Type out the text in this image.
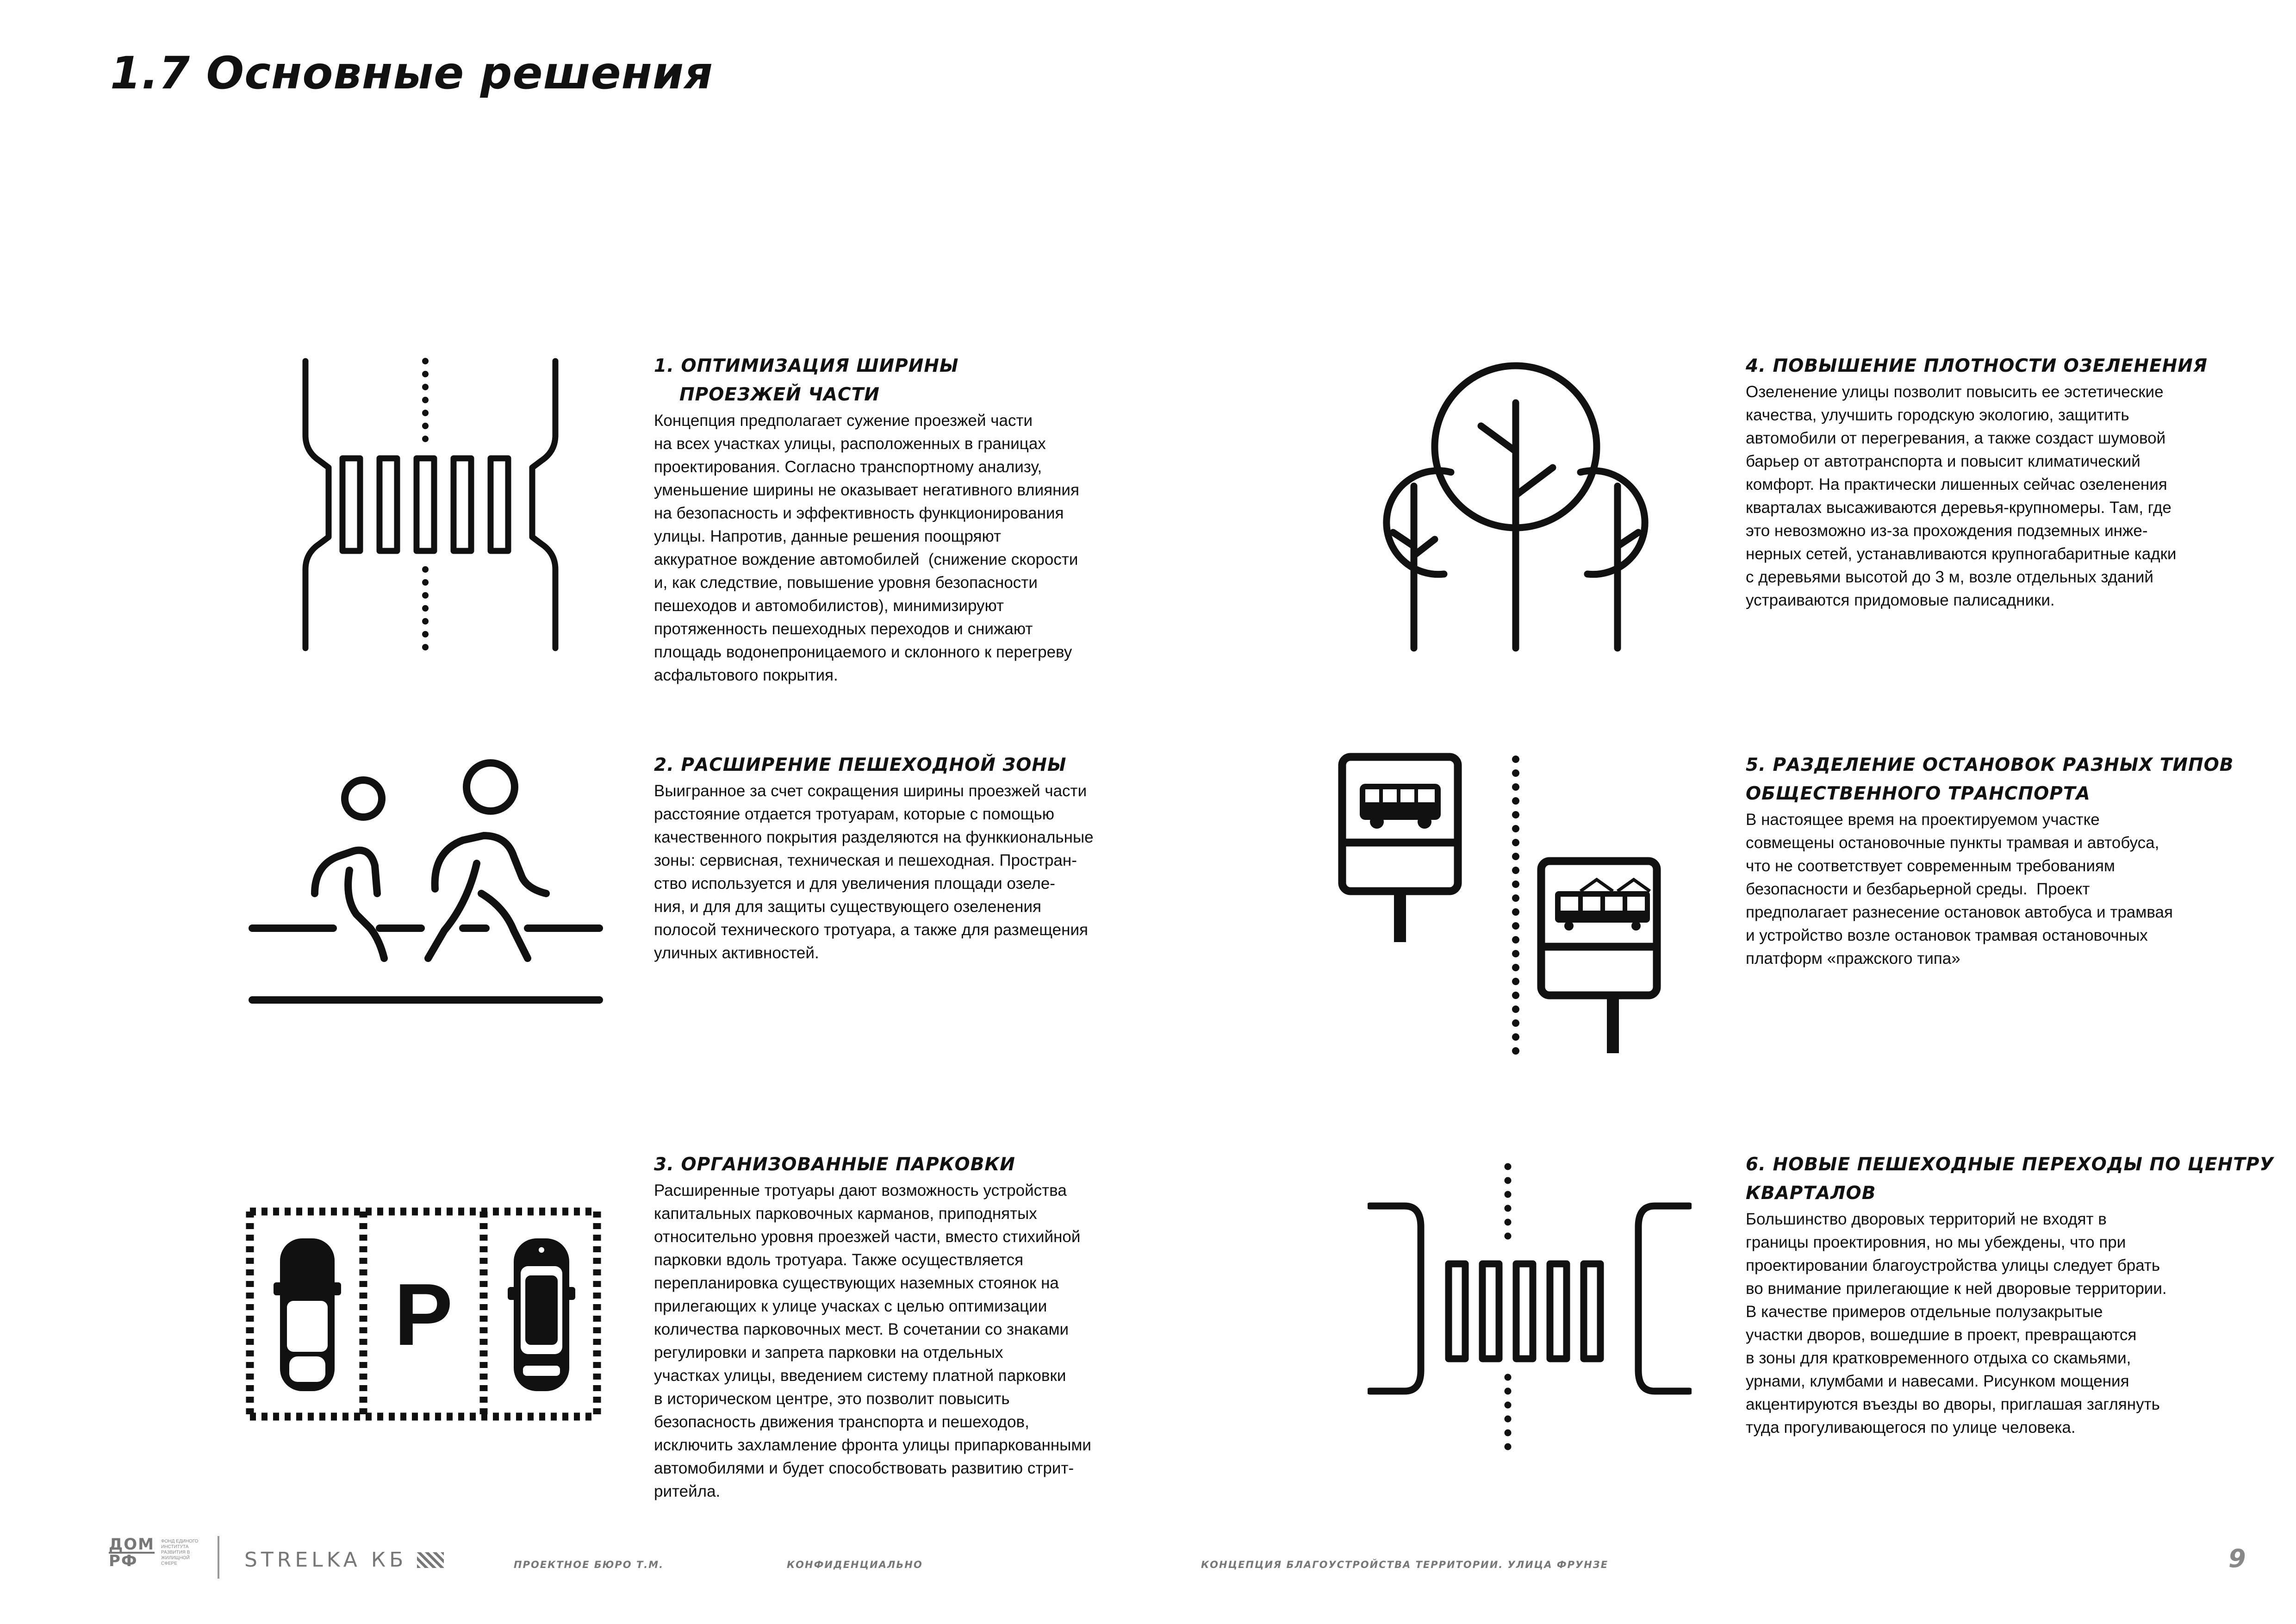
1.7 Основные решения
1. ОПТИМИЗАЦИЯ ШИРИНЫ
ПРОЕЗЖЕЙ ЧАСТИ

Концепция предполагает сужение проезжей части
на всех участках улицы, расположенных в границах
проектирования. Согласно транспортному анализу,
уменьшение ширины не оказывает негативного влияния
на безопасность и эффективность функционирования
улицы. Напротив, данные решения поощряют
аккуратное вождение автомобилей  (снижение скорости
и, как следствие, повышение уровня безопасности
пешеходов и автомобилистов), минимизируют
протяженность пешеходных переходов и снижают
площадь водонепроницаемого и склонного к перегреву
асфальтового покрытия.

2. РАСШИРЕНИЕ ПЕШЕХОДНОЙ ЗОНЫ

Выигранное за счет сокращения ширины проезжей части
расстояние отдается тротуарам, которые с помощью
качественного покрытия разделяются на функкиональные
зоны: сервисная, техническая и пешеходная. Простран-
ство используется и для увеличения площади озеле-
ния, и для для защиты существующего озеленения
полосой технического тротуара, а также для размещения
уличных активностей.

P
3. ОРГАНИЗОВАННЫЕ ПАРКОВКИ

Расширенные тротуары дают возможность устройства
капитальных парковочных карманов, приподнятых
относительно уровня проезжей части, вместо стихийной
парковки вдоль тротуара. Также осуществляется
перепланировка существующих наземных стоянок на
прилегающих к улице учасках с целью оптимизации
количества парковочных мест. В сочетании со знаками
регулировки и запрета парковки на отдельных
участках улицы, введением систему платной парковки
в историческом центре, это позволит повысить
безопасность движения транспорта и пешеходов,
исключить захламление фронта улицы припаркованными
автомобилями и будет способствовать развитию стрит-
ритейла.

4. ПОВЫШЕНИЕ ПЛОТНОСТИ ОЗЕЛЕНЕНИЯ

Озеленение улицы позволит повысить ее эстетические
качества, улучшить городскую экологию, защитить
автомобили от перегревания, а также создаст шумовой
барьер от автотранспорта и повысит климатический
комфорт. На практически лишенных сейчас озеленения
кварталах высаживаются деревья-крупномеры. Там, где
это невозможно из-за прохождения подземных инже-
нерных сетей, устанавливаются крупногабаритные кадки
с деревьями высотой до 3 м, возле отдельных зданий
устраиваются придомовые палисадники.

5. РАЗДЕЛЕНИЕ ОСТАНОВОК РАЗНЫХ ТИПОВ
ОБЩЕСТВЕННОГО ТРАНСПОРТА

В настоящее время на проектируемом участке
совмещены остановочные пункты трамвая и автобуса,
что не соответствует современным требованиям
безопасности и безбарьерной среды.  Проект
предполагает разнесение остановок автобуса и трамвая
и устройство возле остановок трамвая остановочных
платформ «пражского типа»

6. НОВЫЕ ПЕШЕХОДНЫЕ ПЕРЕХОДЫ ПО ЦЕНТРУ
КВАРТАЛОВ

Большинство дворовых территорий не входят в
границы проектировния, но мы убеждены, что при
проектировании благоустройства улицы следует брать
во внимание прилегающие к ней дворовые территории.
В качестве примеров отдельные полузакрытые
участки дворов, вошедшие в проект, превращаются
в зоны для кратковременного отдыха со скамьями,
урнами, клумбами и навесами. Рисунком мощения
акцентируются въезды во дворы, приглашая заглянуть
туда прогуливающегося по улице человека.

ДОМ
РФ
ФОНД ЕДИНОГО ИНСТИТУТА РАЗВИТИЯ В ЖИЛИЩНОЙ СФЕРЕ	STRELKA КБ	ПРОЕКТНОЕ БЮРО Т.М.	КОНФИДЕНЦИАЛЬНО	КОНЦЕПЦИЯ БЛАГОУСТРОЙСТВА ТЕРРИТОРИИ. УЛИЦА ФРУНЗЕ	9
